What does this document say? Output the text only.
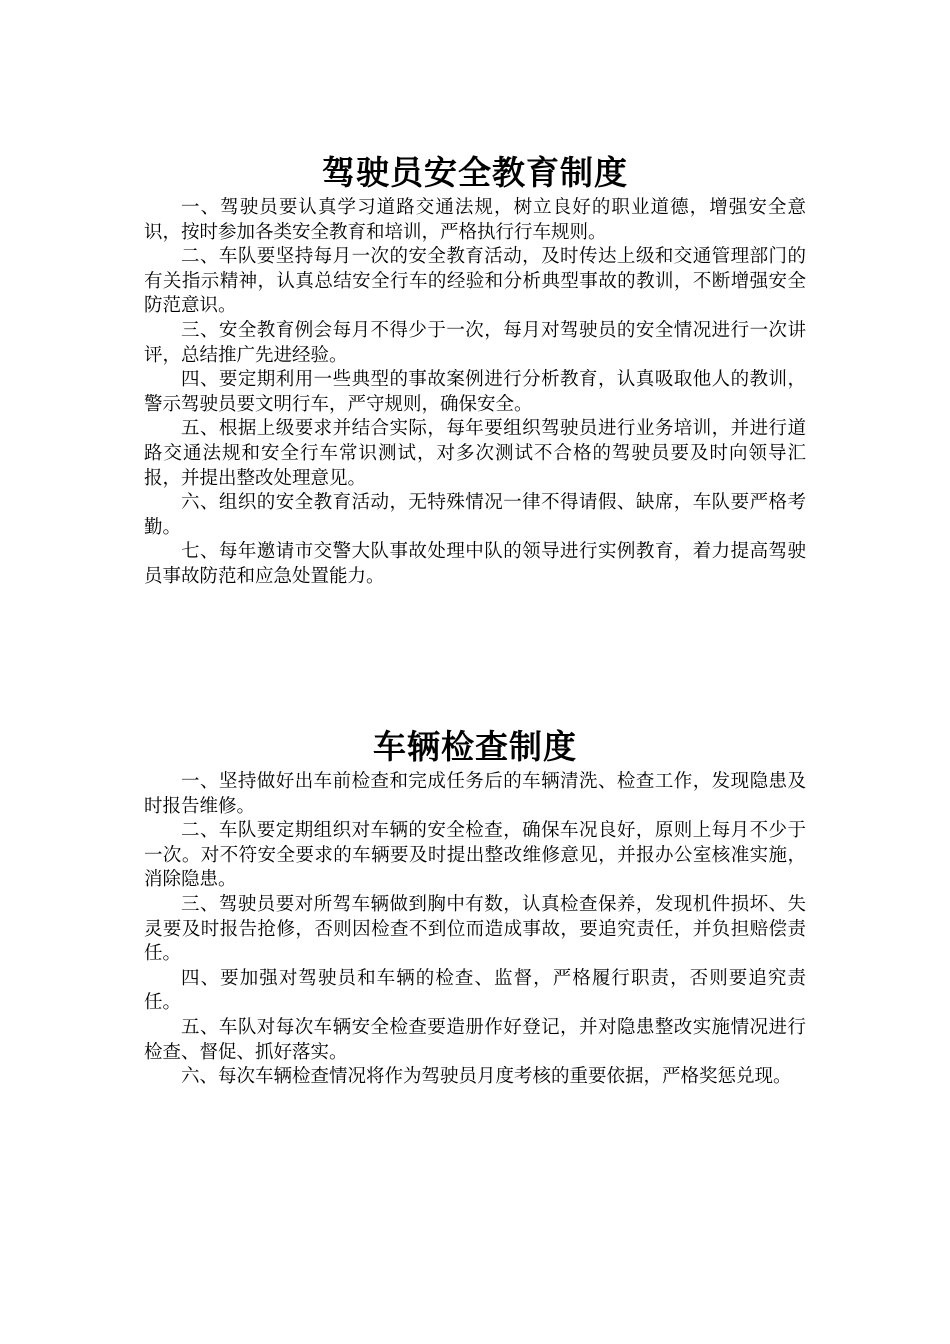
驾驶员安全教育制度

一、驾驶员要认真学习道路交通法规，树立良好的职业道德，增强安全意识，按时参加各类安全教育和培训，严格执行行车规则。

二、车队要坚持每月一次的安全教育活动，及时传达上级和交通管理部门的有关指示精神，认真总结安全行车的经验和分析典型事故的教训，不断增强安全防范意识。

三、安全教育例会每月不得少于一次，每月对驾驶员的安全情况进行一次讲评，总结推广先进经验。

四、要定期利用一些典型的事故案例进行分析教育，认真吸取他人的教训，警示驾驶员要文明行车，严守规则，确保安全。

五、根据上级要求并结合实际，每年要组织驾驶员进行业务培训，并进行道路交通法规和安全行车常识测试，对多次测试不合格的驾驶员要及时向领导汇报，并提出整改处理意见。

六、组织的安全教育活动，无特殊情况一律不得请假、缺席，车队要严格考勤。

七、每年邀请市交警大队事故处理中队的领导进行实例教育，着力提高驾驶员事故防范和应急处置能力。

车辆检查制度

一、坚持做好出车前检查和完成任务后的车辆清洗、检查工作，发现隐患及时报告维修。

二、车队要定期组织对车辆的安全检查，确保车况良好，原则上每月不少于一次。对不符安全要求的车辆要及时提出整改维修意见，并报办公室核准实施，消除隐患。

三、驾驶员要对所驾车辆做到胸中有数，认真检查保养，发现机件损坏、失灵要及时报告抢修，否则因检查不到位而造成事故，要追究责任，并负担赔偿责任。

四、要加强对驾驶员和车辆的检查、监督，严格履行职责，否则要追究责任。

五、车队对每次车辆安全检查要造册作好登记，并对隐患整改实施情况进行检查、督促、抓好落实。

六、每次车辆检查情况将作为驾驶员月度考核的重要依据，严格奖惩兑现。
